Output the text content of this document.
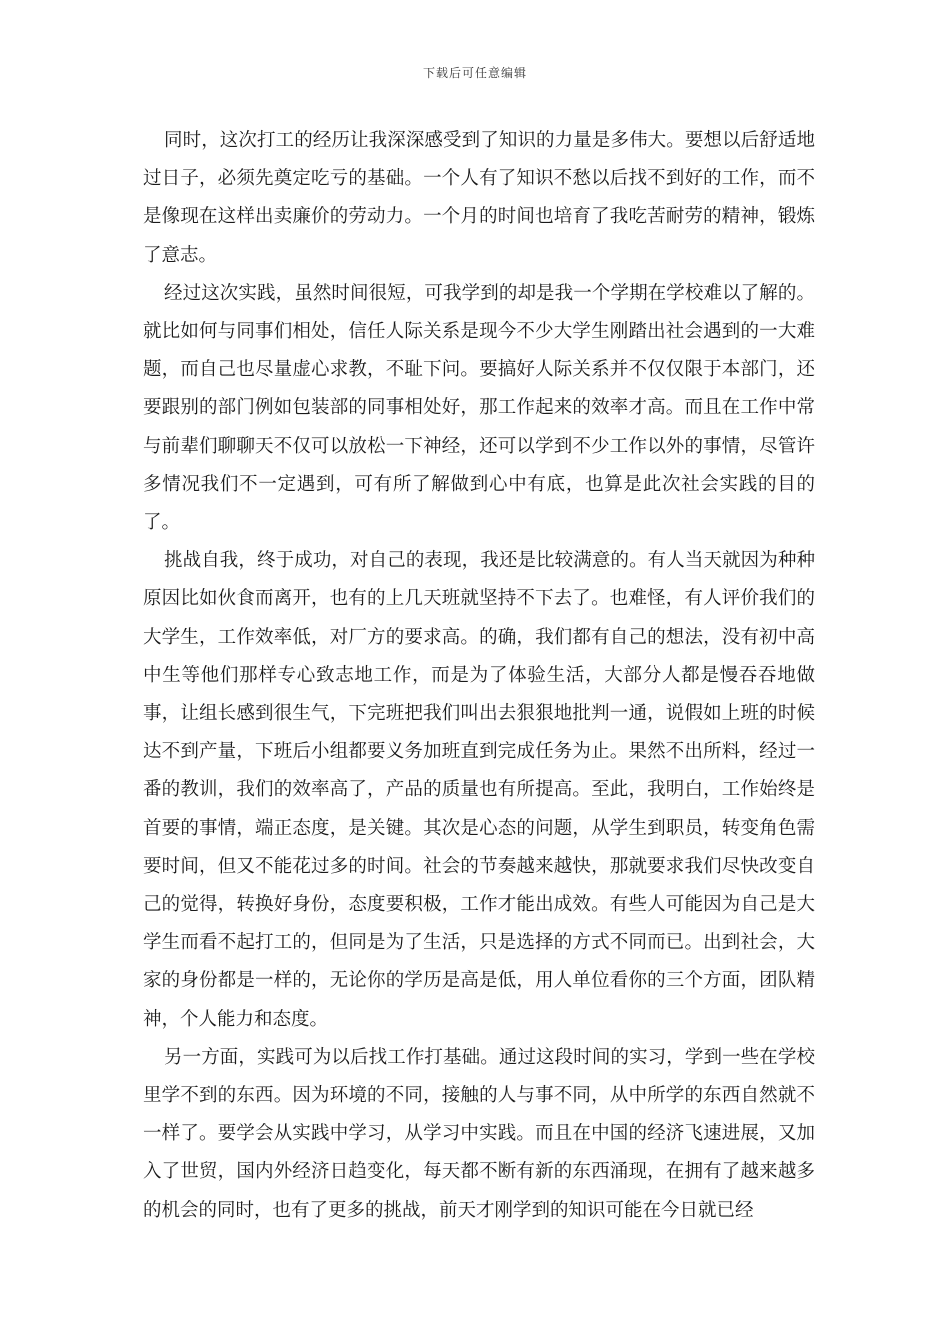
下载后可任意编辑

同时，这次打工的经历让我深深感受到了知识的力量是多伟大。要想以后舒适地过日子，必须先奠定吃亏的基础。一个人有了知识不愁以后找不到好的工作，而不是像现在这样出卖廉价的劳动力。一个月的时间也培育了我吃苦耐劳的精神，锻炼了意志。

经过这次实践，虽然时间很短，可我学到的却是我一个学期在学校难以了解的。就比如何与同事们相处，信任人际关系是现今不少大学生刚踏出社会遇到的一大难题，而自己也尽量虚心求教，不耻下问。要搞好人际关系并不仅仅限于本部门，还要跟别的部门例如包装部的同事相处好，那工作起来的效率才高。而且在工作中常与前辈们聊聊天不仅可以放松一下神经，还可以学到不少工作以外的事情，尽管许多情况我们不一定遇到，可有所了解做到心中有底，也算是此次社会实践的目的了。

挑战自我，终于成功，对自己的表现，我还是比较满意的。有人当天就因为种种原因比如伙食而离开，也有的上几天班就坚持不下去了。也难怪，有人评价我们的大学生，工作效率低，对厂方的要求高。的确，我们都有自己的想法，没有初中高中生等他们那样专心致志地工作，而是为了体验生活，大部分人都是慢吞吞地做事，让组长感到很生气，下完班把我们叫出去狠狠地批判一通，说假如上班的时候达不到产量，下班后小组都要义务加班直到完成任务为止。果然不出所料，经过一番的教训，我们的效率高了，产品的质量也有所提高。至此，我明白，工作始终是首要的事情，端正态度，是关键。其次是心态的问题，从学生到职员，转变角色需要时间，但又不能花过多的时间。社会的节奏越来越快，那就要求我们尽快改变自己的觉得，转换好身份，态度要积极，工作才能出成效。有些人可能因为自己是大学生而看不起打工的，但同是为了生活，只是选择的方式不同而已。出到社会，大家的身份都是一样的，无论你的学历是高是低，用人单位看你的三个方面，团队精神，个人能力和态度。

另一方面，实践可为以后找工作打基础。通过这段时间的实习，学到一些在学校里学不到的东西。因为环境的不同，接触的人与事不同，从中所学的东西自然就不一样了。要学会从实践中学习，从学习中实践。而且在中国的经济飞速进展，又加入了世贸，国内外经济日趋变化，每天都不断有新的东西涌现，在拥有了越来越多的机会的同时，也有了更多的挑战，前天才刚学到的知识可能在今日就已经
